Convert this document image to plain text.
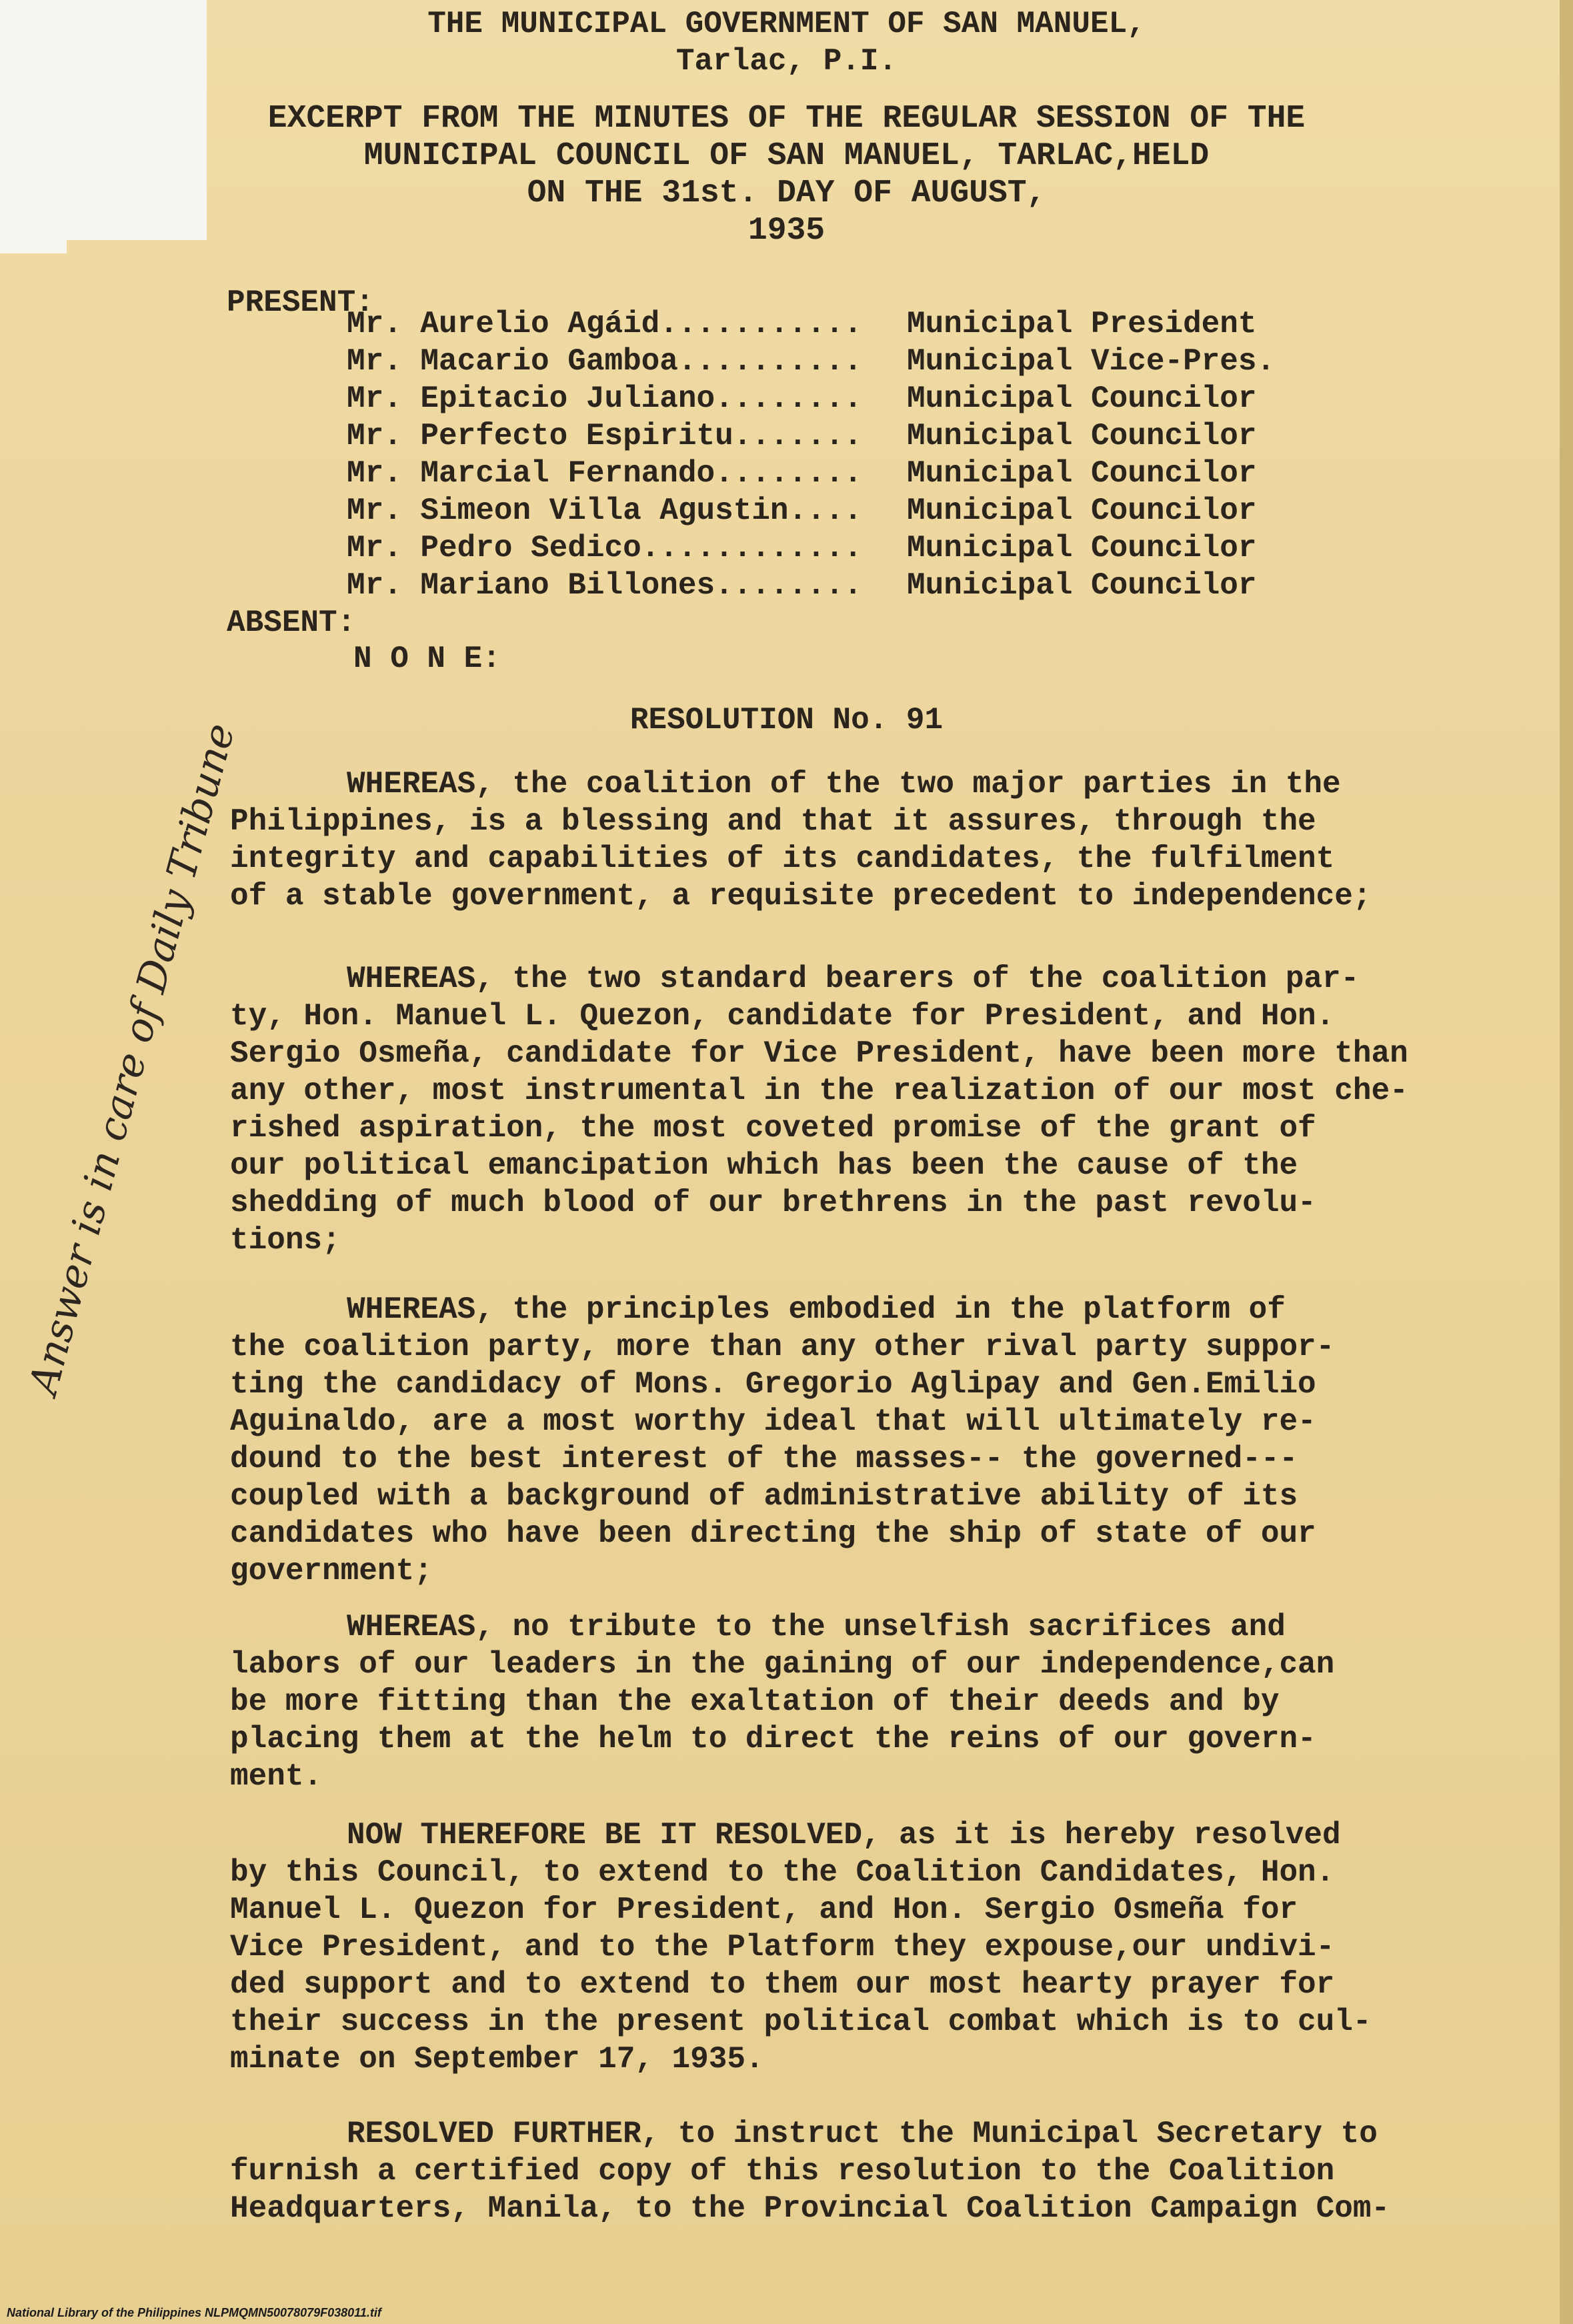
THE MUNICIPAL GOVERNMENT OF SAN MANUEL,
Tarlac, P.I.
EXCERPT FROM THE MINUTES OF THE REGULAR SESSION OF THE
MUNICIPAL COUNCIL OF SAN MANUEL, TARLAC,HELD
ON THE 31st. DAY OF AUGUST,
1935
PRESENT:
Mr. Aurelio Agáid........... Municipal President
Mr. Macario Gamboa.......... Municipal Vice-Pres.
Mr. Epitacio Juliano........ Municipal Councilor
Mr. Perfecto Espiritu....... Municipal Councilor
Mr. Marcial Fernando........ Municipal Councilor
Mr. Simeon Villa Agustin.... Municipal Councilor
Mr. Pedro Sedico............ Municipal Councilor
Mr. Mariano Billones........ Municipal Councilor
ABSENT:
N O N E:
RESOLUTION No. 91
WHEREAS, the coalition of the two major parties in the
Philippines, is a blessing and that it assures, through the
integrity and capabilities of its candidates, the fulfilment
of a stable government, a requisite precedent to independence;
WHEREAS, the two standard bearers of the coalition par-
ty, Hon. Manuel L. Quezon, candidate for President, and Hon.
Sergio Osmeña, candidate for Vice President, have been more than
any other, most instrumental in the realization of our most che-
rished aspiration, the most coveted promise of the grant of
our political emancipation which has been the cause of the
shedding of much blood of our brethrens in the past revolu-
tions;
WHEREAS, the principles embodied in the platform of
the coalition party, more than any other rival party suppor-
ting the candidacy of Mons. Gregorio Aglipay and Gen.Emilio
Aguinaldo, are a most worthy ideal that will ultimately re-
dound to the best interest of the masses-- the governed---
coupled with a background of administrative ability of its
candidates who have been directing the ship of state of our
government;
WHEREAS, no tribute to the unselfish sacrifices and
labors of our leaders in the gaining of our independence,can
be more fitting than the exaltation of their deeds and by
placing them at the helm to direct the reins of our govern-
ment.
NOW THEREFORE BE IT RESOLVED, as it is hereby resolved
by this Council, to extend to the Coalition Candidates, Hon.
Manuel L. Quezon for President, and Hon. Sergio Osmeña for
Vice President, and to the Platform they expouse,our undivi-
ded support and to extend to them our most hearty prayer for
their success in the present political combat which is to cul-
minate on September 17, 1935.
RESOLVED FURTHER, to instruct the Municipal Secretary to
furnish a certified copy of this resolution to the Coalition
Headquarters, Manila, to the Provincial Coalition Campaign Com-
Answer is in care of Daily Tribune
National Library of the Philippines NLPMQMN50078079F038011.tif
